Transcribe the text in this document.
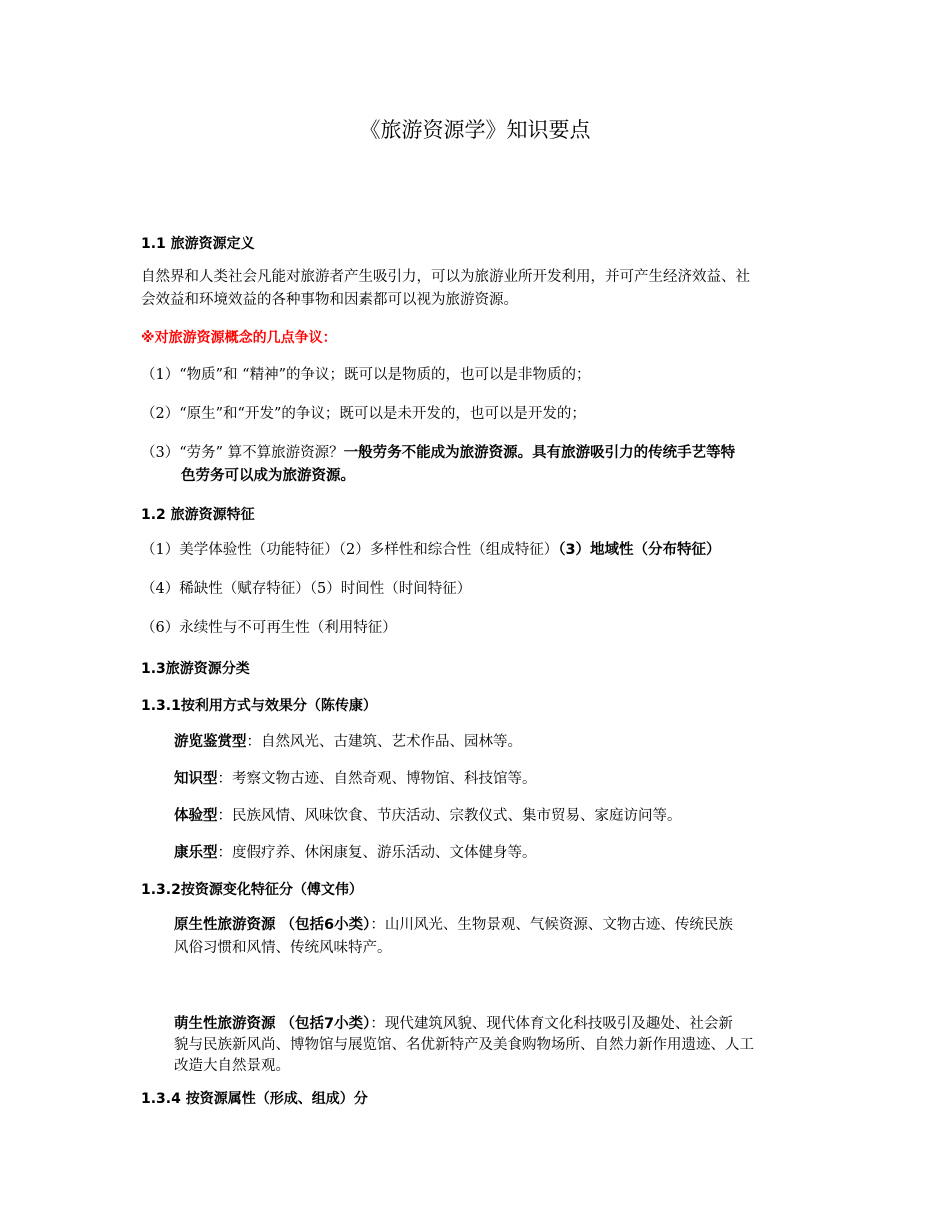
《旅游资源学》知识要点
1.1 旅游资源定义
自然界和人类社会凡能对旅游者产生吸引力，可以为旅游业所开发利用，并可产生经济效益、社
会效益和环境效益的各种事物和因素都可以视为旅游资源。
※对旅游资源概念的几点争议：
（1）“物质”和 “精神”的争议；既可以是物质的，也可以是非物质的；
（2）“原生”和“开发”的争议；既可以是未开发的，也可以是开发的；
（3）“劳务” 算不算旅游资源？一般劳务不能成为旅游资源。具有旅游吸引力的传统手艺等特
色劳务可以成为旅游资源。
1.2 旅游资源特征
（1）美学体验性（功能特征）（2）多样性和综合性（组成特征）（3）地域性（分布特征）
（4）稀缺性（赋存特征）（5）时间性（时间特征）
（6）永续性与不可再生性（利用特征）
1.3旅游资源分类
1.3.1按利用方式与效果分（陈传康）
游览鉴赏型：自然风光、古建筑、艺术作品、园林等。
知识型：考察文物古迹、自然奇观、博物馆、科技馆等。
体验型：民族风情、风味饮食、节庆活动、宗教仪式、集市贸易、家庭访问等。
康乐型：度假疗养、休闲康复、游乐活动、文体健身等。
1.3.2按资源变化特征分（傅文伟）
原生性旅游资源 （包括6小类）：山川风光、生物景观、气候资源、文物古迹、传统民族
风俗习惯和风情、传统风味特产。
萌生性旅游资源 （包括7小类）：现代建筑风貌、现代体育文化科技吸引及趣处、社会新
貌与民族新风尚、博物馆与展览馆、名优新特产及美食购物场所、自然力新作用遗迹、人工
改造大自然景观。
1.3.4 按资源属性（形成、组成）分
